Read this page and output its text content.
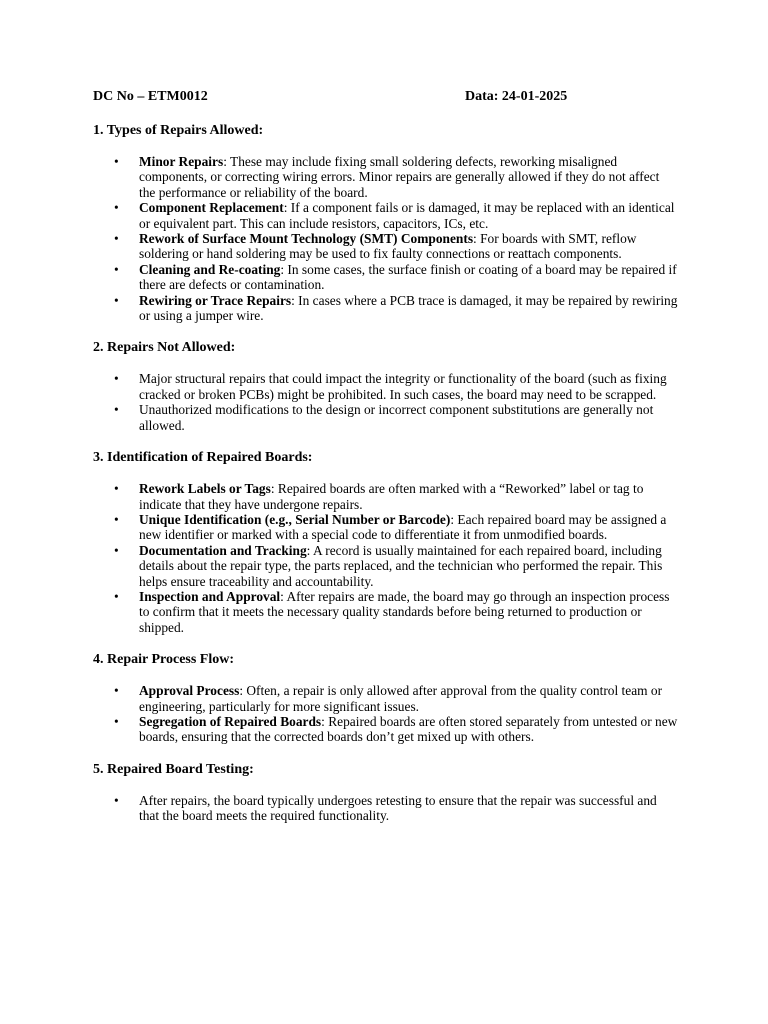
DC No – ETM0012	Data: 24-01-2025
1. Types of Repairs Allowed:
• Minor Repairs: These may include fixing small soldering defects, reworking misaligned components, or correcting wiring errors. Minor repairs are generally allowed if they do not affect the performance or reliability of the board.
• Component Replacement: If a component fails or is damaged, it may be replaced with an identical or equivalent part. This can include resistors, capacitors, ICs, etc.
• Rework of Surface Mount Technology (SMT) Components: For boards with SMT, reflow soldering or hand soldering may be used to fix faulty connections or reattach components.
• Cleaning and Re-coating: In some cases, the surface finish or coating of a board may be repaired if there are defects or contamination.
• Rewiring or Trace Repairs: In cases where a PCB trace is damaged, it may be repaired by rewiring or using a jumper wire.
2. Repairs Not Allowed:
• Major structural repairs that could impact the integrity or functionality of the board (such as fixing cracked or broken PCBs) might be prohibited. In such cases, the board may need to be scrapped.
• Unauthorized modifications to the design or incorrect component substitutions are generally not allowed.
3. Identification of Repaired Boards:
• Rework Labels or Tags: Repaired boards are often marked with a “Reworked” label or tag to indicate that they have undergone repairs.
• Unique Identification (e.g., Serial Number or Barcode): Each repaired board may be assigned a new identifier or marked with a special code to differentiate it from unmodified boards.
• Documentation and Tracking: A record is usually maintained for each repaired board, including details about the repair type, the parts replaced, and the technician who performed the repair. This helps ensure traceability and accountability.
• Inspection and Approval: After repairs are made, the board may go through an inspection process to confirm that it meets the necessary quality standards before being returned to production or shipped.
4. Repair Process Flow:
• Approval Process: Often, a repair is only allowed after approval from the quality control team or engineering, particularly for more significant issues.
• Segregation of Repaired Boards: Repaired boards are often stored separately from untested or new boards, ensuring that the corrected boards don’t get mixed up with others.
5. Repaired Board Testing:
• After repairs, the board typically undergoes retesting to ensure that the repair was successful and that the board meets the required functionality.
